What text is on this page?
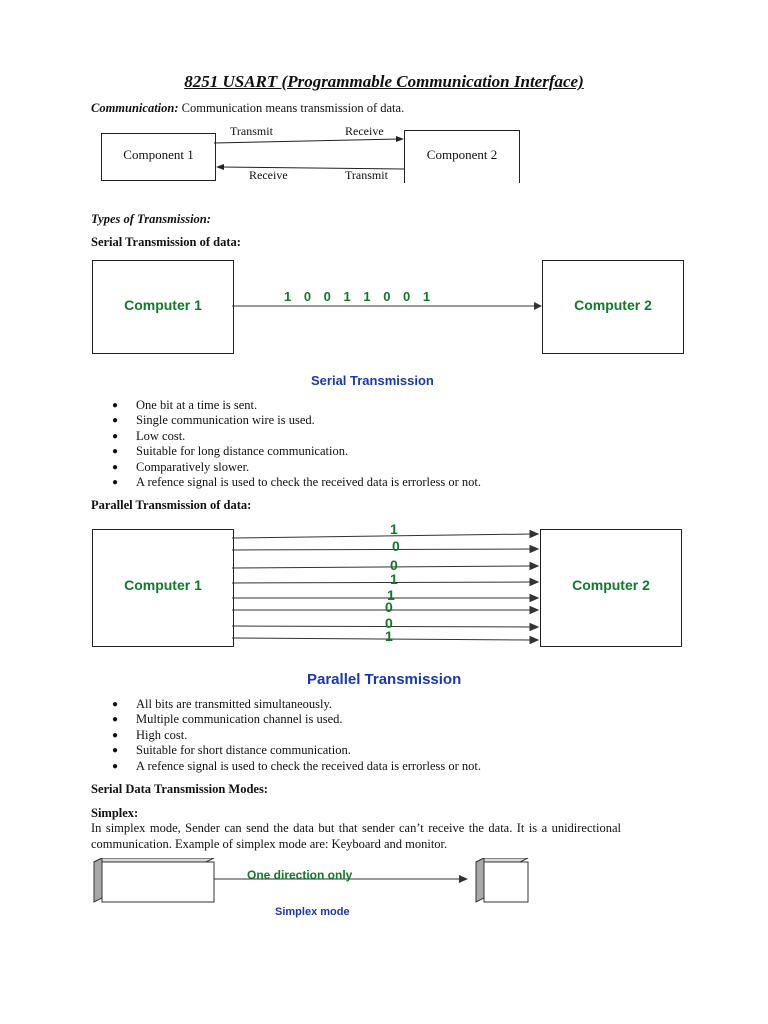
8251 USART (Programmable Communication Interface)
Communication: Communication means transmission of data.
Component 1	Component 2
Transmit	Receive
Receive	Transmit
Types of Transmission:
Serial Transmission of data:
Computer 1	Computer 2
1 0 0 1 1 0 0 1
Serial Transmission
● One bit at a time is sent.
● Single communication wire is used.
● Low cost.
● Suitable for long distance communication.
● Comparatively slower.
● A refence signal is used to check the received data is errorless or not.
Parallel Transmission of data:
Computer 1	Computer 2
1
0
0
1
1
0
0
1
Parallel Transmission
● All bits are transmitted simultaneously.
● Multiple communication channel is used.
● High cost.
● Suitable for short distance communication.
● A refence signal is used to check the received data is errorless or not.
Serial Data Transmission Modes:
Simplex:
In simplex mode, Sender can send the data but that sender can’t receive the data. It is a unidirectional communication. Example of simplex mode are: Keyboard and monitor.
One direction only
Simplex mode
